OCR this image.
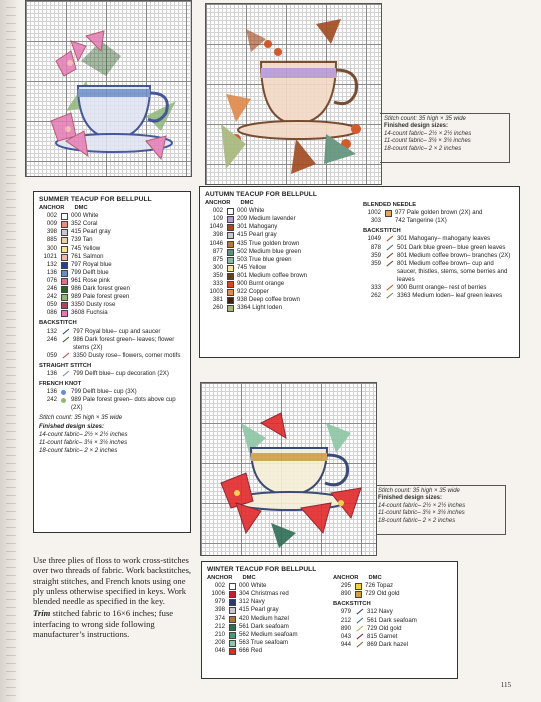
Stitch count: 35 high × 35 wide
Finished design sizes:
14-count fabric– 2½ × 2½ inches
11-count fabric– 3¼ × 3¼ inches
18-count fabric– 2 × 2 inches
Stitch count: 35 high × 35 wide
Finished design sizes:
14-count fabric– 2½ × 2½ inches
11-count fabric– 3¼ × 3¼ inches
18-count fabric– 2 × 2 inches
SUMMER TEACUP FOR BELLPULL
ANCHOR DMC
002	000 White
009	352 Coral
398	415 Pearl gray
885	739 Tan
300	745 Yellow
1021	761 Salmon
132	797 Royal blue
136	799 Delft blue
076	961 Rose pink
246	986 Dark forest green
242	989 Pale forest green
059	3350 Dusty rose
086	3608 Fuchsia
BACKSTITCH
132	797 Royal blue– cup and saucer
246	986 Dark forest green– leaves; flower stems (2X)
059	3350 Dusty rose– flowers, corner motifs
STRAIGHT STITCH
136	799 Delft blue– cup decoration (2X)
FRENCH KNOT
136	799 Delft blue– cup (3X)
242	989 Pale forest green– dots above cup (2X)
Stitch count: 35 high × 35 wide
Finished design sizes:
14-count fabric– 2½ × 2½ inches
11-count fabric– 3¼ × 3¼ inches
18-count fabric– 2 × 2 inches
AUTUMN TEACUP FOR BELLPULL
ANCHOR DMC
002	000 White
109	209 Medium lavender
1049	301 Mahogany
398	415 Pearl gray
1046	435 True golden brown
877	502 Medium blue green
875	503 True blue green
300	745 Yellow
359	801 Medium coffee brown
333	900 Burnt orange
1003	922 Copper
381	938 Deep coffee brown
260	3364 Light loden
BLENDED NEEDLE
1002	977 Pale golden brown (2X) and
303	742 Tangerine (1X)
BACKSTITCH
1049	301 Mahogany– mahogany leaves
878	501 Dark blue green– blue green leaves
359	801 Medium coffee brown– branches (2X)
359	801 Medium coffee brown– cup and saucer, thistles, stems, some berries and leaves
333	900 Burnt orange– rest of berries
262	3363 Medium loden– leaf green leaves
WINTER TEACUP FOR BELLPULL
ANCHOR DMC
002	000 White
1006	304 Christmas red
979	312 Navy
398	415 Pearl gray
374	420 Medium hazel
212	561 Dark seafoam
210	562 Medium seafoam
208	563 True seafoam
046	666 Red
ANCHOR DMC
295	726 Topaz
890	729 Old gold
BACKSTITCH
979	312 Navy
212	561 Dark seafoam
890	729 Old gold
043	815 Garnet
944	869 Dark hazel
Use three plies of floss to work cross-stitches over two threads of fabric. Work backstitches, straight stitches, and French knots using one ply unless otherwise specified in keys. Work blended needle as specified in the key.
Trim stitched fabric to 16×6 inches; fuse interfacing to wrong side following manufacturer’s instructions.
115
